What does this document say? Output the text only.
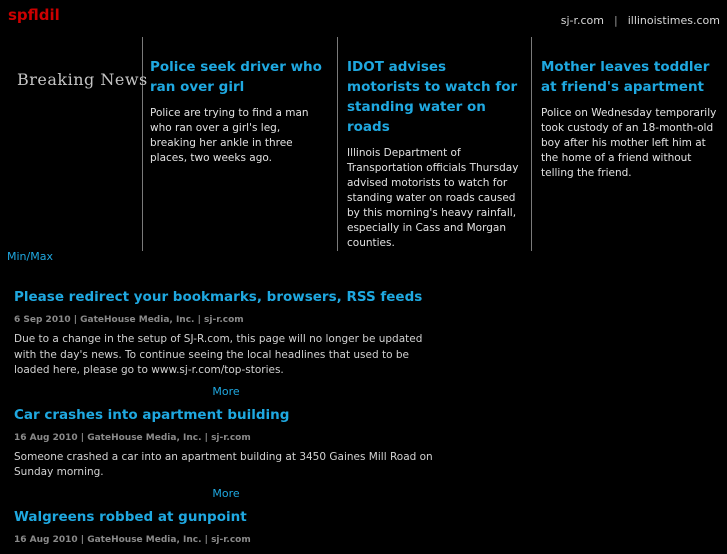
spfldil	sj-r.com | illinoistimes.com
Breaking News
Police seek driver who ran over girl
Police are trying to find a man who ran over a girl's leg, breaking her ankle in three places, two weeks ago.
IDOT advises motorists to watch for standing water on roads
Illinois Department of Transportation officials Thursday advised motorists to watch for standing water on roads caused by this morning's heavy rainfall, especially in Cass and Morgan counties.
Mother leaves toddler at friend's apartment
Police on Wednesday temporarily took custody of an 18-month-old boy after his mother left him at the home of a friend without telling the friend.
Min/Max
Please redirect your bookmarks, browsers, RSS feeds
6 Sep 2010 | GateHouse Media, Inc. | sj-r.com
Due to a change in the setup of SJ-R.com, this page will no longer be updated with the day's news. To continue seeing the local headlines that used to be loaded here, please go to www.sj-r.com/top-stories.
More
Car crashes into apartment building
16 Aug 2010 | GateHouse Media, Inc. | sj-r.com
Someone crashed a car into an apartment building at 3450 Gaines Mill Road on Sunday morning.
More
Walgreens robbed at gunpoint
16 Aug 2010 | GateHouse Media, Inc. | sj-r.com
